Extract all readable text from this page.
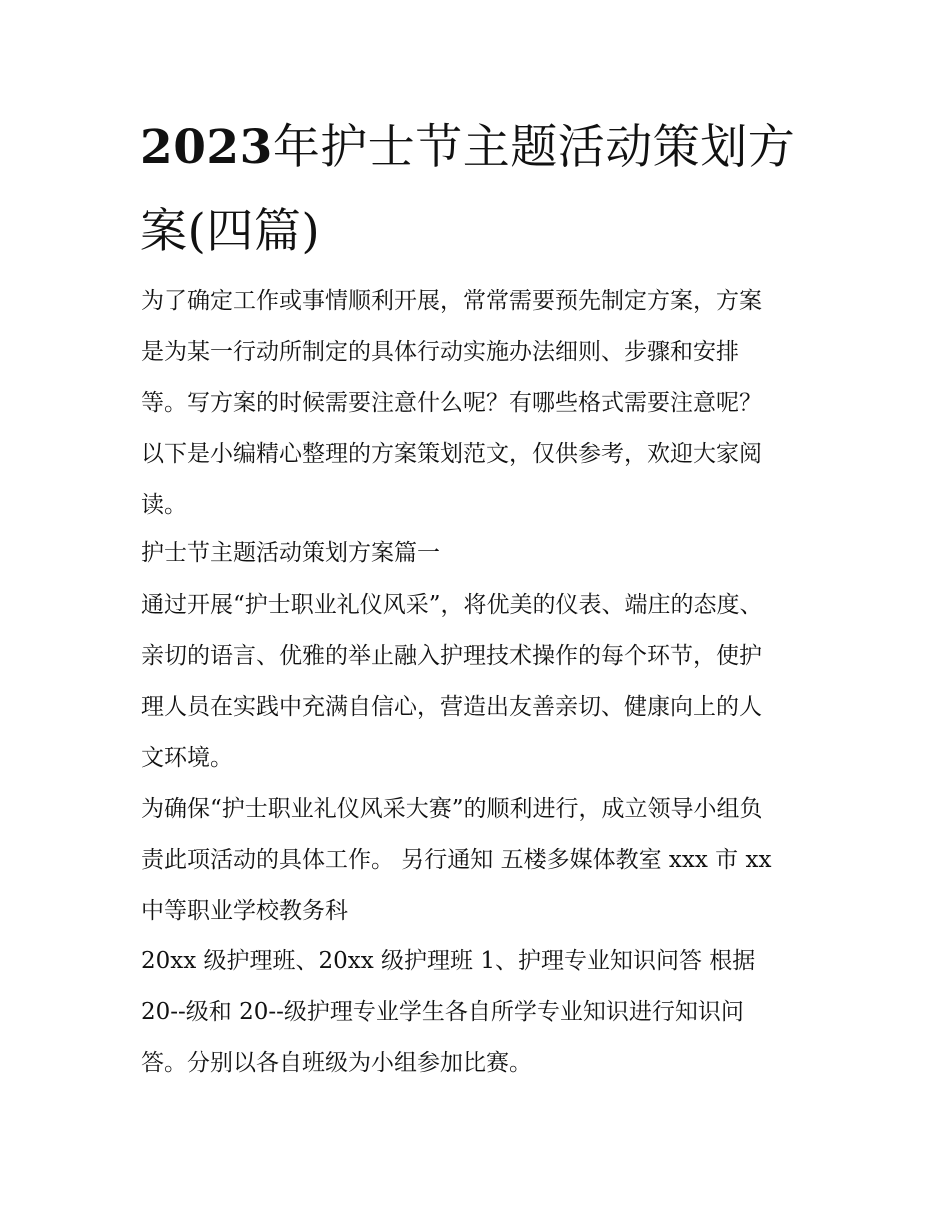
2023年护士节主题活动策划方
案(四篇)

为了确定工作或事情顺利开展，常常需要预先制定方案，方案
是为某一行动所制定的具体行动实施办法细则、步骤和安排
等。写方案的时候需要注意什么呢？有哪些格式需要注意呢？
以下是小编精心整理的方案策划范文，仅供参考，欢迎大家阅
读。

护士节主题活动策划方案篇一

通过开展“护士职业礼仪风采”，将优美的仪表、端庄的态度、
亲切的语言、优雅的举止融入护理技术操作的每个环节，使护
理人员在实践中充满自信心，营造出友善亲切、健康向上的人
文环境。

为确保“护士职业礼仪风采大赛”的顺利进行，成立领导小组负
责此项活动的具体工作。 另行通知 五楼多媒体教室 xxx 市 xx
中等职业学校教务科

20xx 级护理班、20xx 级护理班 1、护理专业知识问答 根据
20--级和 20--级护理专业学生各自所学专业知识进行知识问
答。分别以各自班级为小组参加比赛。
